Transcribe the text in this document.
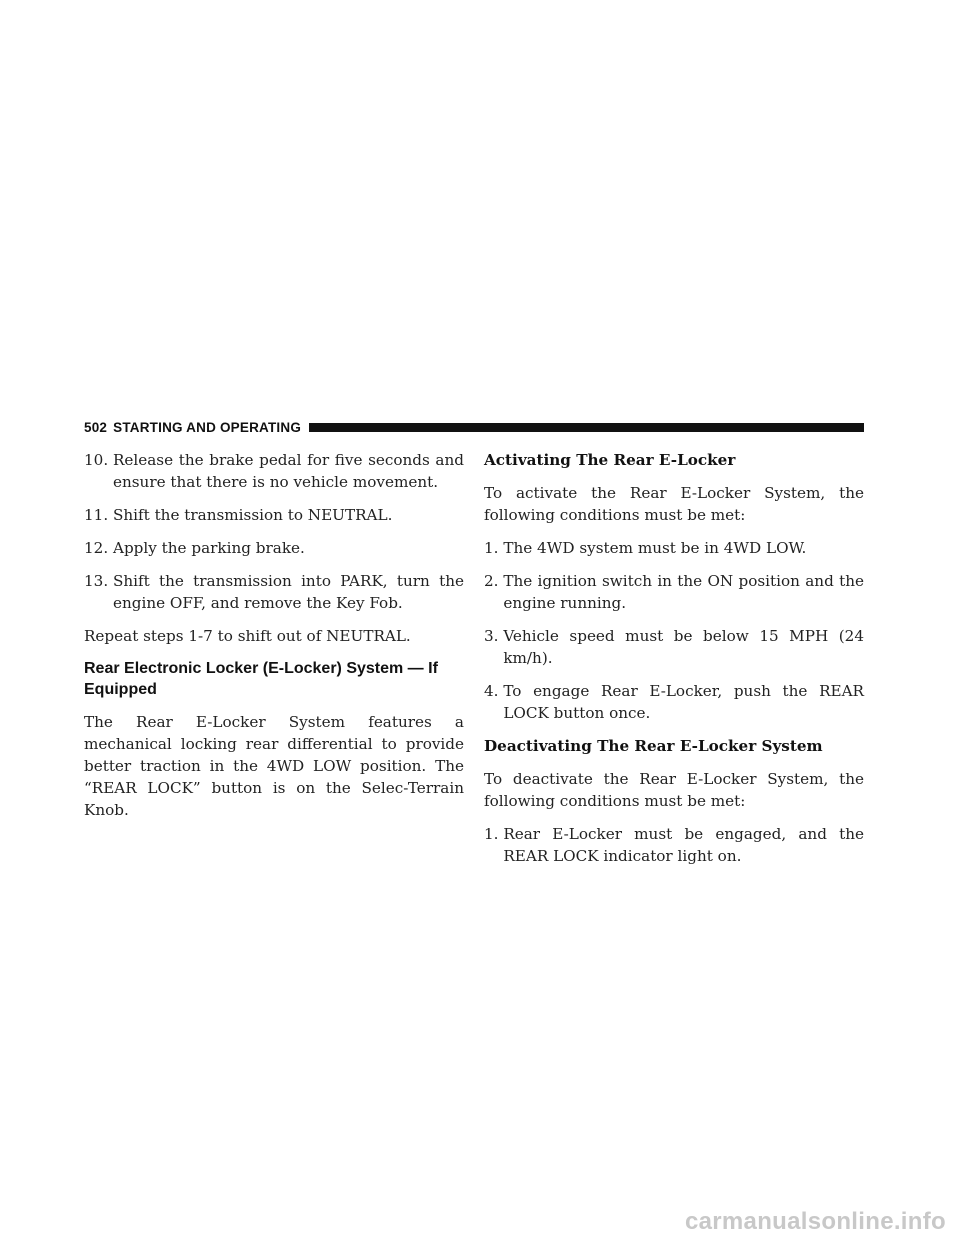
502 STARTING AND OPERATING
10.
Release the brake pedal for five seconds and ensure that there is no vehicle movement.
11.
Shift the transmission to NEUTRAL.
12.
Apply the parking brake.
13.
Shift the transmission into PARK, turn the engine OFF, and remove the Key Fob.

Repeat steps 1-7 to shift out of NEUTRAL.

Rear Electronic Locker (E-Locker) System — If Equipped

The Rear E-Locker System features a mechanical locking rear differential to provide better traction in the 4WD LOW position. The “REAR LOCK” button is on the Selec-Terrain Knob.

Activating The Rear E-Locker

To activate the Rear E-Locker System, the following conditions must be met:

1.
The 4WD system must be in 4WD LOW.
2.
The ignition switch in the ON position and the engine running.
3.
Vehicle speed must be below 15 MPH (24 km/h).
4.
To engage Rear E-Locker, push the REAR LOCK button once.
Deactivating The Rear E-Locker System

To deactivate the Rear E-Locker System, the following conditions must be met:

1.
Rear E-Locker must be engaged, and the REAR LOCK indicator light on.
carmanualsonline.info
